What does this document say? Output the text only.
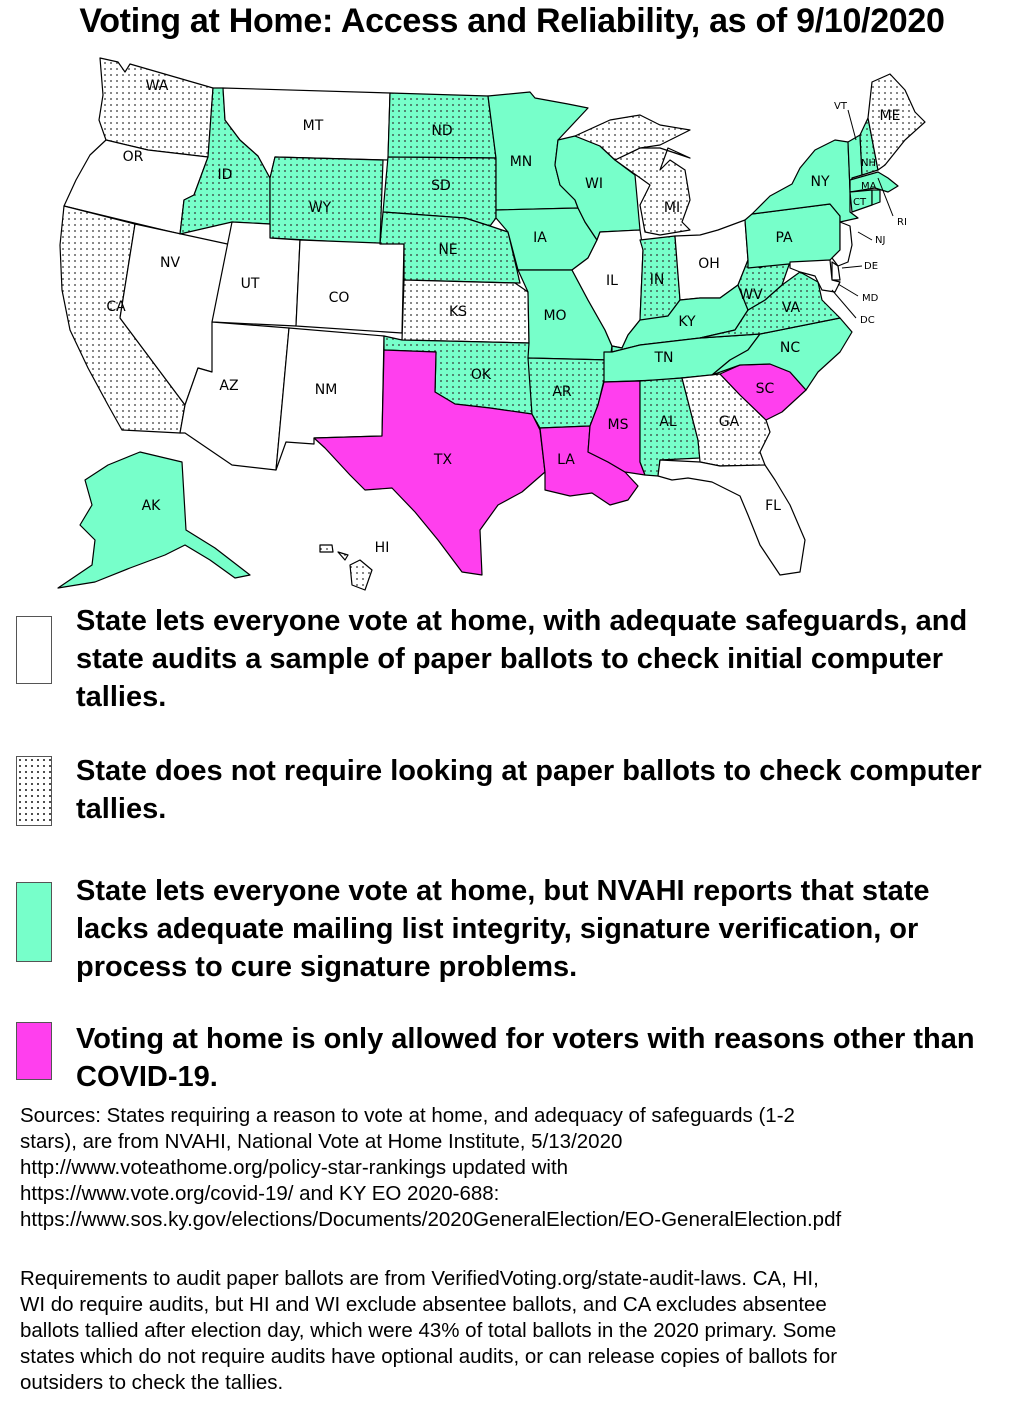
Voting at Home: Access and Reliability, as of 9/10/2020
WA
OR
CA
NV
ID
MT
WY
UT
AZ
CO
NM
ND
SD
NE
KS
OK
TX
MN
IA
MO
AR
LA
WI
IL
MI
IN
OH
KY
TN
MS AL	GA
FL
SC
NC
VA
WV
PA
NY
VT
NH
ME
MA
CT
RI
NJ
DE
MD
DC
AK
HI
State lets everyone vote at home, with adequate safeguards, and state audits a sample of paper ballots to check initial computer tallies.
State does not require looking at paper ballots to check computer tallies.
State lets everyone vote at home, but NVAHI reports that state lacks adequate mailing list integrity, signature verification, or process to cure signature problems.
Voting at home is only allowed for voters with reasons other than COVID-19.

Sources: States requiring a reason to vote at home, and adequacy of safeguards (1-2

stars), are from NVAHI, National Vote at Home Institute, 5/13/2020

http://www.voteathome.org/policy-star-rankings updated with

https://www.vote.org/covid-19/ and KY EO 2020-688:

https://www.sos.ky.gov/elections/Documents/2020GeneralElection/EO-GeneralElection.pdf

Requirements to audit paper ballots are from VerifiedVoting.org/state-audit-laws. CA, HI,

WI do require audits, but HI and WI exclude absentee ballots, and CA excludes absentee

ballots tallied after election day, which were 43% of total ballots in the 2020 primary. Some

states which do not require audits have optional audits, or can release copies of ballots for

outsiders to check the tallies.
